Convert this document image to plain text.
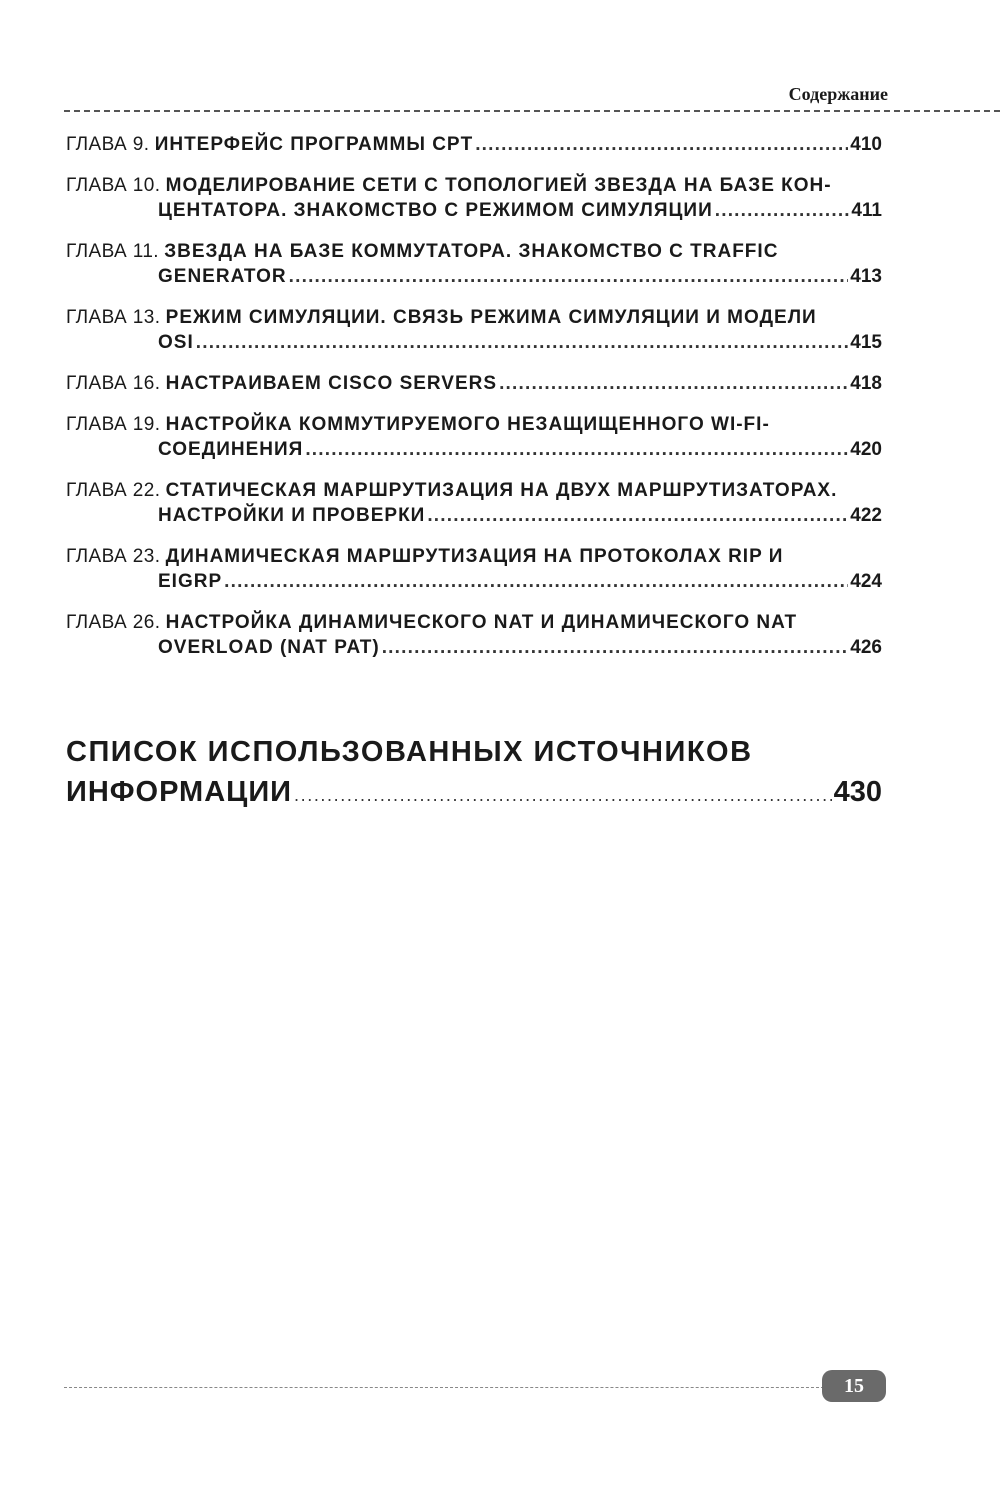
Содержание
ГЛАВА 9.
ИНТЕРФЕЙС ПРОГРАММЫ CPT .....	410
ГЛАВА 10. МОДЕЛИРОВАНИЕ СЕТИ С ТОПОЛОГИЕЙ ЗВЕЗДА НА БАЗЕ КОН-
ЦЕНТАТОРА. ЗНАКОМСТВО С РЕЖИМОМ СИМУЛЯЦИИ .....	411
ГЛАВА 11. ЗВЕЗДА НА БАЗЕ КОММУТАТОРА. ЗНАКОМСТВО С TRAFFIC
GENERATOR .....	413
ГЛАВА 13. РЕЖИМ СИМУЛЯЦИИ. СВЯЗЬ РЕЖИМА СИМУЛЯЦИИ И МОДЕЛИ
OSI .....	415
ГЛАВА 16.
НАСТРАИВАЕМ CISCO SERVERS .....	418
ГЛАВА 19. НАСТРОЙКА КОММУТИРУЕМОГО НЕЗАЩИЩЕННОГО WI-FI-
СОЕДИНЕНИЯ .....	420
ГЛАВА 22. СТАТИЧЕСКАЯ МАРШРУТИЗАЦИЯ НА ДВУХ МАРШРУТИЗАТОРАХ.
НАСТРОЙКИ И ПРОВЕРКИ .....	422
ГЛАВА 23. ДИНАМИЧЕСКАЯ МАРШРУТИЗАЦИЯ НА ПРОТОКОЛАХ RIP И
EIGRP .....	424
ГЛАВА 26. НАСТРОЙКА ДИНАМИЧЕСКОГО NAT И ДИНАМИЧЕСКОГО NAT
OVERLOAD (NAT PAT) .....	426
СПИСОК ИСПОЛЬЗОВАННЫХ ИСТОЧНИКОВ
ИНФОРМАЦИИ .....	430
15
